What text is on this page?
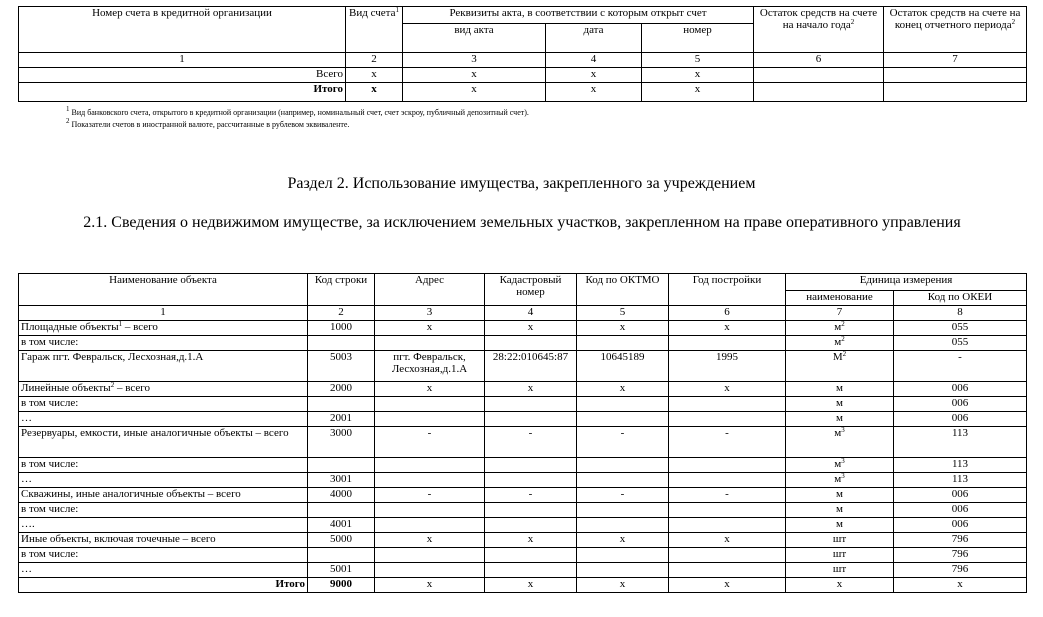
Номер счета в кредитной организации	Вид счета$^1$	Реквизиты акта, в соответствии с которым открыт счет			Остаток средств на счете на начало года$^2$	Остаток средств на счете на конец отчетного периода$^2$
		вид акта	дата	номер		
1	2	3	4	5	6	7
Всего	х	х	х	х		
Итого	х	х	х	х		
$^1$ Вид банковского счета, открытого в кредитной организации (например, номинальный счет, счет эскроу, публичный депозитный счет).
$^2$ Показатели счетов в иностранной валюте, рассчитанные в рублевом эквиваленте.
Раздел 2. Использование имущества, закрепленного за учреждением
2.1. Сведения о недвижимом имуществе, за исключением земельных участков, закрепленном на праве оперативного управления
Наименование объекта	Код строки	Адрес	Кадастровый номер	Код по ОКТМО	Год постройки	Единица измерения	
						наименование	Код по ОКЕИ
1	2	3	4	5	6	7	8
Площадные объекты$^1$ – всего	1000	х	х	х	х	$м^2$	055
в том числе:						$м^2$	055
Гараж пгт. Февральск, Лесхозная,д.1.А	5003	пгт. Февральск, Лесхозная,д.1.А	28:22:010645:87	10645189	1995	$М^2$	-
Линейные объекты$^2$ – всего	2000	х	х	х	х	м	006
в том числе:						м	006
…	2001					м	006
Резервуары, емкости, иные аналогичные объекты – всего	3000	-	-	-	-	$м^3$	113
в том числе:						$м^3$	113
…	3001					$м^3$	113
Скважины, иные аналогичные объекты – всего	4000	-	-	-	-	м	006
в том числе:						м	006
….	4001					м	006
Иные объекты, включая точечные – всего	5000	х	х	х	х	шт	796
в том числе:						шт	796
…	5001					шт	796
Итого	9000	х	х	х	х	х	х
